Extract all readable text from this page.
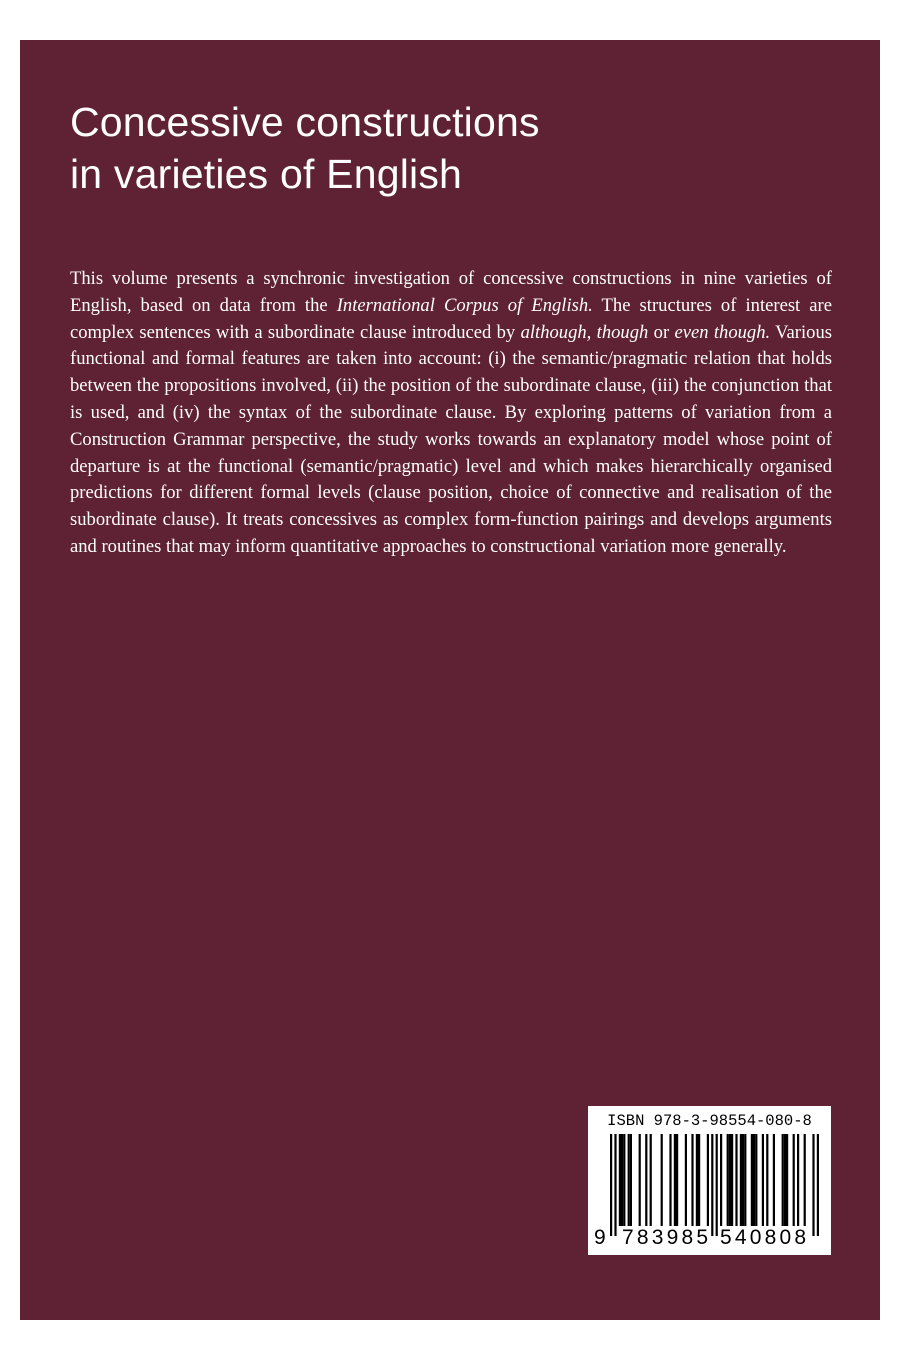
Concessive constructions
in varieties of English

This volume presents a synchronic investigation of concessive constructions in nine varieties of English, based on data from the International Corpus of English. The structures of interest are complex sentences with a subordinate clause introduced by although, though or even though. Various functional and formal features are taken into account: (i) the semantic/pragmatic relation that holds between the propositions involved, (ii) the position of the subordinate clause, (iii) the conjunction that is used, and (iv) the syntax of the subordinate clause. By exploring patterns of variation from a Construction Grammar perspective, the study works towards an explanatory model whose point of departure is at the functional (semantic/pragmatic) level and which makes hierarchically organised predictions for different formal levels (clause position, choice of connective and realisation of the subordinate clause). It treats concessives as complex form-function pairings and develops arguments and routines that may inform quantitative approaches to constructional variation more generally.

ISBN 978-3-98554-080-8
9 783985 540808
